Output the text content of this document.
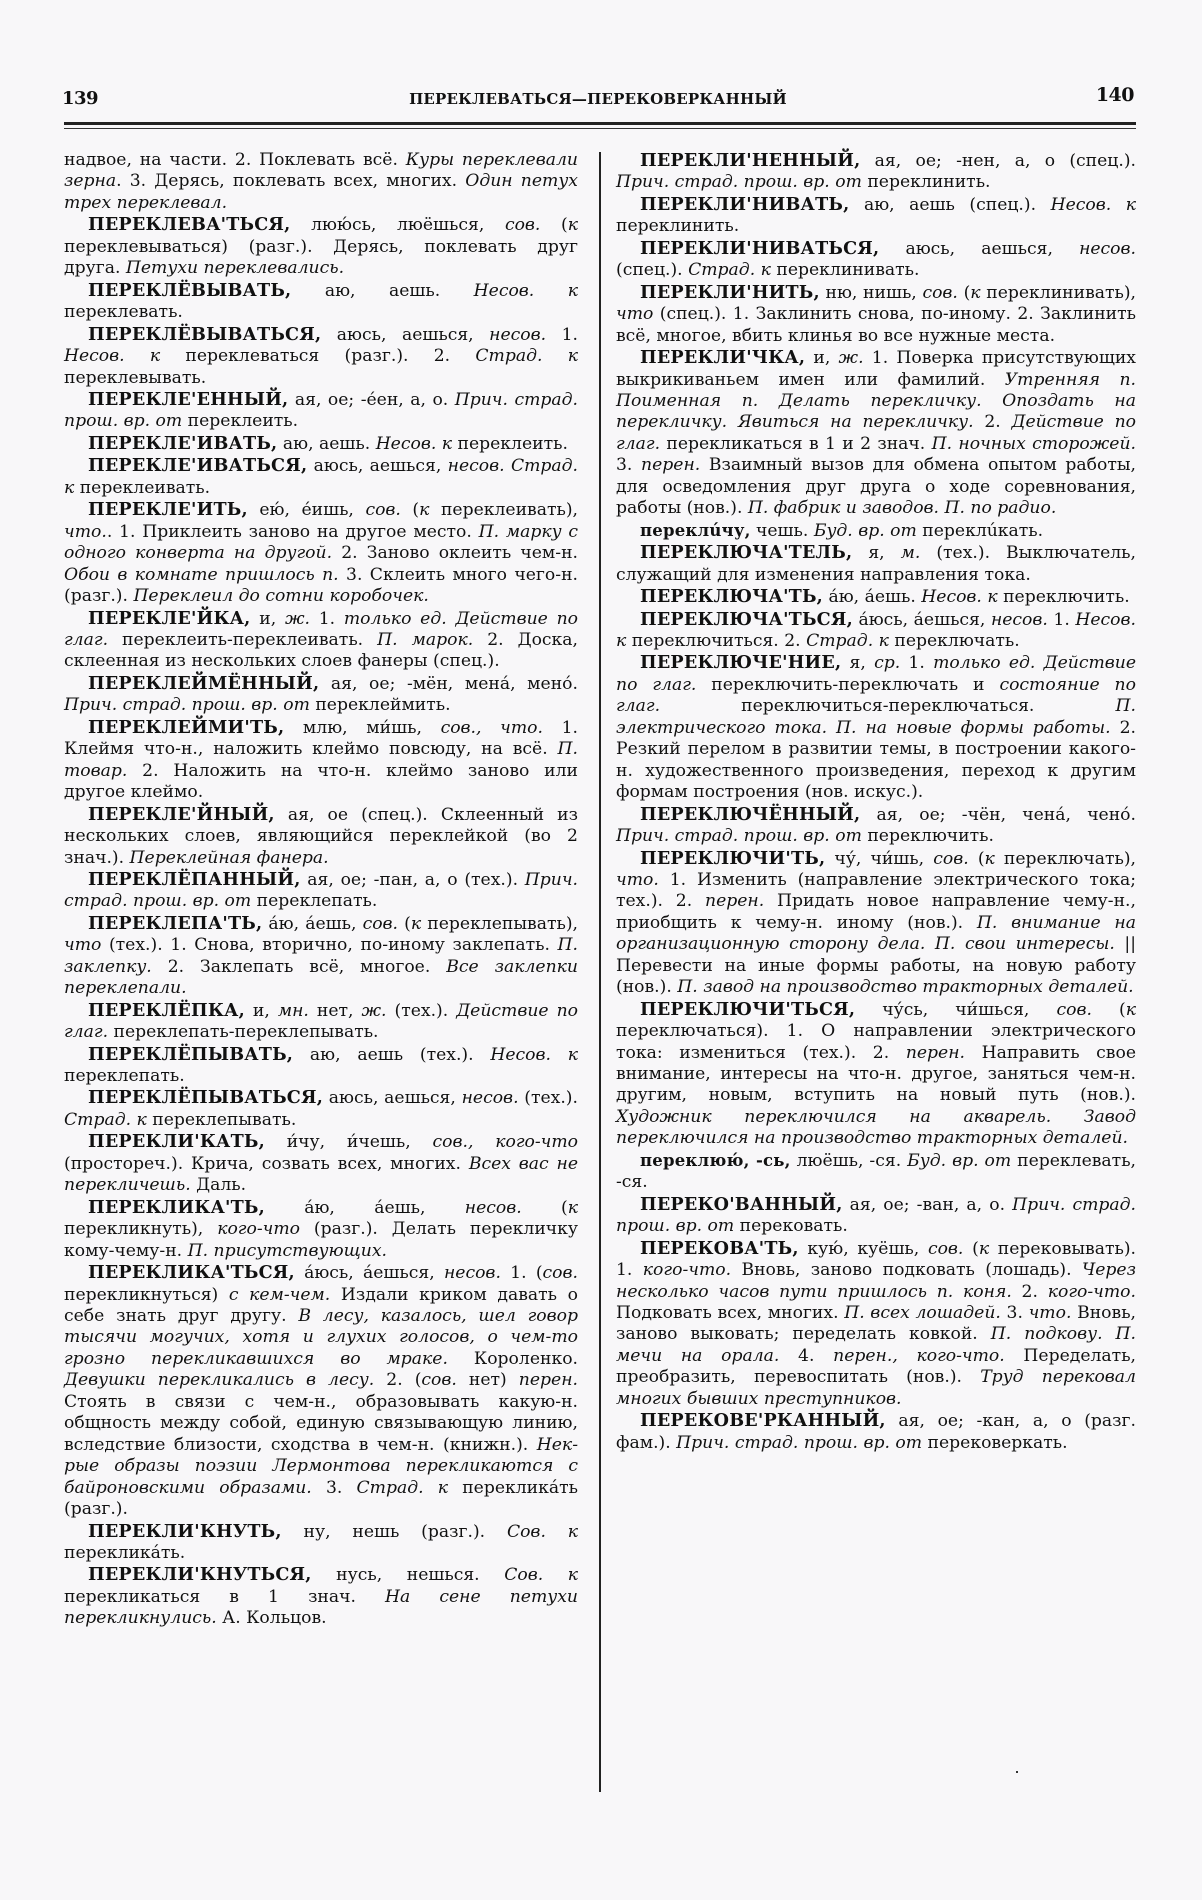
139	ПЕРЕКЛЕВАТЬСЯ—ПЕРЕКОВЕРКАННЫЙ	140

надвое, на части. 2. Поклевать всё. Куры переклевали зерна. 3. Дерясь, поклевать всех, многих. Один петух трех переклевал.

ПЕРЕКЛЕВА'ТЬСЯ, люю́сь, люёшься, сов. (к переклевываться) (разг.). Дерясь, поклевать друг друга. Петухи переклевались.

ПЕРЕКЛЁВЫВАТЬ, аю, аешь. Несов. к переклевать.

ПЕРЕКЛЁВЫВАТЬСЯ, аюсь, аешься, несов. 1. Несов. к переклеваться (разг.). 2. Страд. к переклевывать.

ПЕРЕКЛЕ'ЕННЫЙ, ая, ое; -е́ен, а, о. Прич. страд. прош. вр. от переклеить.

ПЕРЕКЛЕ'ИВАТЬ, аю, аешь. Несов. к переклеить.

ПЕРЕКЛЕ'ИВАТЬСЯ, аюсь, аешься, несов. Страд. к переклеивать.

ПЕРЕКЛЕ'ИТЬ, ею́, е́ишь, сов. (к переклеивать), что.. 1. Приклеить заново на другое место. П. марку с одного конверта на другой. 2. Заново оклеить чем-н. Обои в комнате пришлось п. 3. Склеить много чего-н. (разг.). Переклеил до сотни коробочек.

ПЕРЕКЛЕ'ЙКА, и, ж. 1. только ед. Действие по глаг. переклеить-переклеивать. П. марок. 2. Доска, склеенная из нескольких слоев фанеры (спец.).

ПЕРЕКЛЕЙМЁННЫЙ, ая, ое; -мён, мена́, мено́. Прич. страд. прош. вр. от переклеймить.

ПЕРЕКЛЕЙМИ'ТЬ, млю, ми́шь, сов., что. 1. Клеймя что-н., наложить клеймо повсюду, на всё. П. товар. 2. Наложить на что-н. клеймо заново или другое клеймо.

ПЕРЕКЛЕ'ЙНЫЙ, ая, ое (спец.). Склеенный из нескольких слоев, являющийся переклейкой (во 2 знач.). Переклейная фанера.

ПЕРЕКЛЁПАННЫЙ, ая, ое; -пан, а, о (тех.). Прич. страд. прош. вр. от переклепать.

ПЕРЕКЛЕПА'ТЬ, а́ю, а́ешь, сов. (к переклепывать), что (тех.). 1. Снова, вторично, по-иному заклепать. П. заклепку. 2. Заклепать всё, многое. Все заклепки переклепали.

ПЕРЕКЛЁПКА, и, мн. нет, ж. (тех.). Действие по глаг. переклепать-переклепывать.

ПЕРЕКЛЁПЫВАТЬ, аю, аешь (тех.). Несов. к переклепать.

ПЕРЕКЛЁПЫВАТЬСЯ, аюсь, аешься, несов. (тех.). Страд. к переклепывать.

ПЕРЕКЛИ'КАТЬ, и́чу, и́чешь, сов., кого-что (простореч.). Крича, созвать всех, многих. Всех вас не перекличешь. Даль.

ПЕРЕКЛИКА'ТЬ, а́ю, а́ешь, несов. (к перекликнуть), кого-что (разг.). Делать перекличку кому-чему-н. П. присутствующих.

ПЕРЕКЛИКА'ТЬСЯ, а́юсь, а́ешься, несов. 1. (сов. перекликнуться) с кем-чем. Издали криком давать о себе знать друг другу. В лесу, казалось, шел говор тысячи могучих, хотя и глухих голосов, о чем-то грозно перекликавшихся во мраке. Короленко. Девушки перекликались в лесу. 2. (сов. нет) перен. Стоять в связи с чем-н., образовывать какую-н. общность между собой, единую связывающую линию, вследствие близости, сходства в чем-н. (книжн.). Нек-рые образы поэзии Лермонтова перекликаются с байроновскими образами. 3. Страд. к перекликáть (разг.).

ПЕРЕКЛИ'КНУТЬ, ну, нешь (разг.). Сов. к перекликáть.

ПЕРЕКЛИ'КНУТЬСЯ, нусь, нешься. Сов. к перекликаться в 1 знач. На сене петухи перекликнулись. А. Кольцов.

ПЕРЕКЛИ'НЕННЫЙ, ая, ое; -нен, а, о (спец.). Прич. страд. прош. вр. от переклинить.

ПЕРЕКЛИ'НИВАТЬ, аю, аешь (спец.). Несов. к переклинить.

ПЕРЕКЛИ'НИВАТЬСЯ, аюсь, аешься, несов. (спец.). Страд. к переклинивать.

ПЕРЕКЛИ'НИТЬ, ню, нишь, сов. (к переклинивать), что (спец.). 1. Заклинить снова, по-иному. 2. Заклинить всё, многое, вбить клинья во все нужные места.

ПЕРЕКЛИ'ЧКА, и, ж. 1. Поверка присутствующих выкрикиваньем имен или фамилий. Утренняя п. Поименная п. Делать перекличку. Опоздать на перекличку. Явиться на перекличку. 2. Действие по глаг. перекликаться в 1 и 2 знач. П. ночных сторожей. 3. перен. Взаимный вызов для обмена опытом работы, для осведомления друг друга о ходе соревнования, работы (нов.). П. фабрик и заводов. П. по радио.

переклúчу, чешь. Буд. вр. от переклúкать.

ПЕРЕКЛЮЧА'ТЕЛЬ, я, м. (тех.). Выключатель, служащий для изменения направления тока.

ПЕРЕКЛЮЧА'ТЬ, а́ю, а́ешь. Несов. к переключить.

ПЕРЕКЛЮЧА'ТЬСЯ, а́юсь, а́ешься, несов. 1. Несов. к переключиться. 2. Страд. к переключать.

ПЕРЕКЛЮЧЕ'НИЕ, я, ср. 1. только ед. Действие по глаг. переключить-переключать и состояние по глаг. переключиться-переключаться. П. электрического тока. П. на новые формы работы. 2. Резкий перелом в развитии темы, в построении какого-н. художественного произведения, переход к другим формам построения (нов. искус.).

ПЕРЕКЛЮЧЁННЫЙ, ая, ое; -чён, чена́, чено́. Прич. страд. прош. вр. от переключить.

ПЕРЕКЛЮЧИ'ТЬ, чу́, чи́шь, сов. (к переключать), что. 1. Изменить (направление электрического тока; тех.). 2. перен. Придать новое направление чему-н., приобщить к чему-н. иному (нов.). П. внимание на организационную сторону дела. П. свои интересы. || Перевести на иные формы работы, на новую работу (нов.). П. завод на производство тракторных деталей.

ПЕРЕКЛЮЧИ'ТЬСЯ, чу́сь, чи́шься, сов. (к переключаться). 1. О направлении электрического тока: измениться (тех.). 2. перен. Направить свое внимание, интересы на что-н. другое, заняться чем-н. другим, новым, вступить на новый путь (нов.). Художник переключился на акварель. Завод переключился на производство тракторных деталей.

переклюю́, -сь, люёшь, -ся. Буд. вр. от переклевать, -ся.

ПЕРЕКО'ВАННЫЙ, ая, ое; -ван, а, о. Прич. страд. прош. вр. от перековать.

ПЕРЕКОВА'ТЬ, кую́, куёшь, сов. (к перековывать). 1. кого-что. Вновь, заново подковать (лошадь). Через несколько часов пути пришлось п. коня. 2. кого-что. Подковать всех, многих. П. всех лошадей. 3. что. Вновь, заново выковать; переделать ковкой. П. подкову. П. мечи на орала. 4. перен., кого-что. Переделать, преобразить, перевоспитать (нов.). Труд перековал многих бывших преступников.

ПЕРЕКОВЕ'РКАННЫЙ, ая, ое; -кан, а, о (разг. фам.). Прич. страд. прош. вр. от перековеркать.
